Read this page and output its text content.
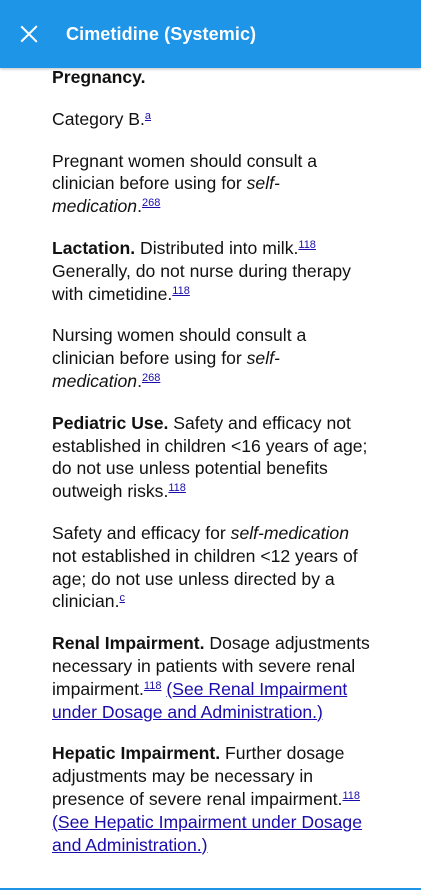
Cimetidine (Systemic)

Pregnancy.

Category B.$^a$

Pregnant women should consult a clinician before using for self-medication.$^{268}$

Lactation. Distributed into milk.$^{118}$ Generally, do not nurse during therapy with cimetidine.$^{118}$

Nursing women should consult a clinician before using for self-medication.$^{268}$

Pediatric Use. Safety and efficacy not established in children <16 years of age; do not use unless potential benefits outweigh risks.$^{118}$

Safety and efficacy for self-medication not established in children <12 years of age; do not use unless directed by a clinician.$^c$

Renal Impairment. Dosage adjustments necessary in patients with severe renal impairment.$^{118}$ (See Renal Impairment under Dosage and Administration.)

Hepatic Impairment. Further dosage adjustments may be necessary in presence of severe renal impairment.$^{118}$ (See Hepatic Impairment under Dosage and Administration.)
